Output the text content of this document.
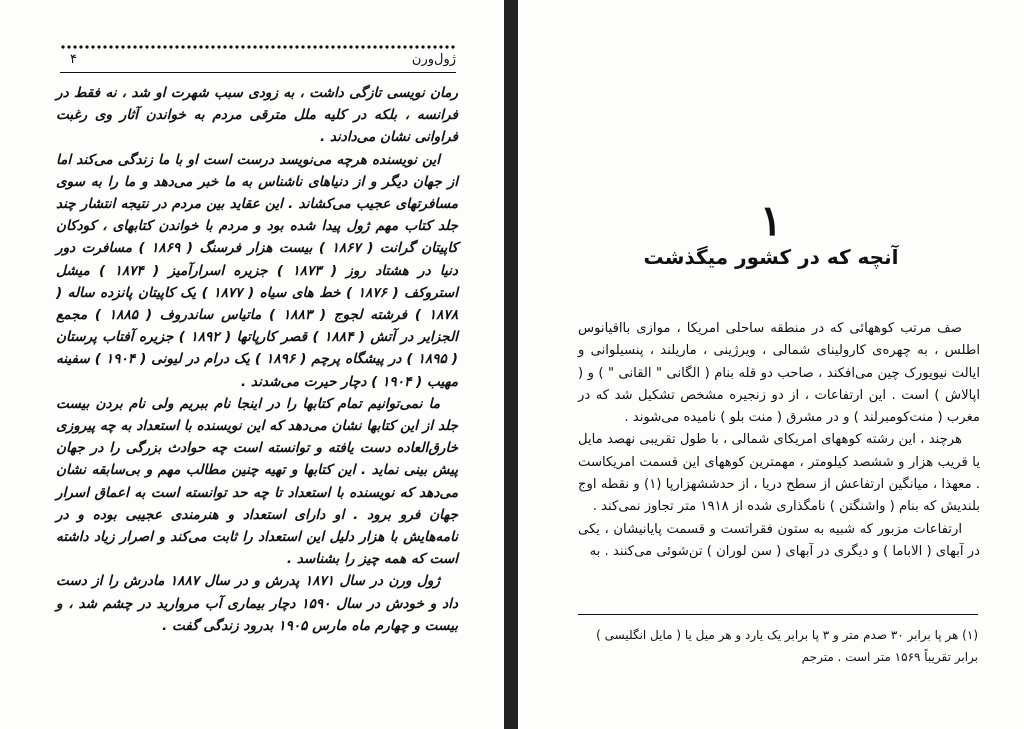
ژول‌ورن
۴

رمان نویسی تازگی داشت ، به زودی سبب شهرت او شد ، نه فقط در فرانسه ، بلکه در کلیه ملل مترقی مردم به خواندن آثار وی رغبت فراوانی نشان می‌دادند .

این نویسنده هرچه می‌نویسد درست است او با ما زندگی می‌کند اما از جهان دیگر و از دنیاهای ناشناس به ما خبر می‌دهد و ما را به سوی مسافرتهای عجیب می‌کشاند . این عقاید بین مردم در نتیجه انتشار چند جلد کتاب مهم ژول پیدا شده بود و مردم با خواندن کتابهای ، کودکان کاپیتان گرانت ( ۱۸۶۷ ) بیست هزار فرسنگ ( ۱۸۶۹ ) مسافرت دور دنیا در هشتاد روز ( ۱۸۷۳ ) جزیره اسرارآمیز ( ۱۸۷۴ ) میشل استروکف ( ۱۸۷۶ ) خط های سیاه ( ۱۸۷۷ ) یک کاپیتان پانزده ساله ( ۱۸۷۸ ) فرشته لجوج ( ۱۸۸۳ ) ماتیاس ساندروف ( ۱۸۸۵ ) مجمع الجزایر در آتش ( ۱۸۸۴ ) قصر کارپاتها ( ۱۸۹۲ ) جزیره آفتاب پرستان ( ۱۸۹۵ ) در پیشگاه پرچم ( ۱۸۹۶ ) یک درام در لیونی ( ۱۹۰۴ ) سفینه مهیب ( ۱۹۰۴ ) دچار حیرت می‌شدند .

ما نمی‌توانیم تمام کتابها را در اینجا نام ببریم ولی نام بردن بیست جلد از این کتابها نشان می‌دهد که این نویسنده با استعداد به چه پیروزی خارق‌العاده دست یافته و توانسته است چه حوادث بزرگی را در جهان پیش بینی نماید . این کتابها و تهیه چنین مطالب مهم و بی‌سابقه نشان می‌دهد که نویسنده با استعداد تا چه حد توانسته است به اعماق اسرار جهان فرو برود . او دارای استعداد و هنرمندی عجیبی بوده و در نامه‌هایش با هزار دلیل این استعداد را ثابت می‌کند و اصرار زیاد داشته است که همه چیز را بشناسد .

ژول ورن در سال ۱۸۷۱ پدرش و در سال ۱۸۸۷ مادرش را از دست داد و خودش در سال ۱۵۹۰ دچار بیماری آب مروارید در چشم شد ، و بیست و چهارم ماه مارس ۱۹۰۵ بدرود زندگی گفت .

۱
آنچه که در کشور میگذشت

صف مرتب کوههائی که در منطقه ساحلی امریکا ، موازی بااقیانوس اطلس ، به چهره‌ی کارولینای شمالی ، ویرژینی ، ماریلند ، پنسیلوانی و ایالت نیویورک چین می‌افکند ، صاحب دو قله بنام ( الگانی " القانی " ) و ( اپالاش ) است . این ارتفاعات ، از دو زنجیره مشخص تشکیل شد که در مغرب ( منت‌کومبرلند ) و در مشرق ( منت بلو ) نامیده می‌شوند .

هرچند ، این رشته کوههای امریکای شمالی ، با طول تقریبی نهصد مایل یا قریب هزار و ششصد کیلومتر ، مهمترین کوههای این قسمت امریکاست . معهذا ، میانگین ارتفاعش از سطح دریا ، از حدششهزارپا (۱) و نقطه اوج بلندیش که بنام ( واشنگتن ) نامگذاری شده از ۱۹۱۸ متر تجاوز نمی‌کند .

ارتفاعات مزبور که شبیه به ستون فقراتست و قسمت پایانیشان ، یکی در آبهای ( الاباما ) و دیگری در آبهای ( سن لوران ) تن‌شوئی می‌کنند . به

(۱) هر پا برابر ۳۰ صدم متر و ۳ پا برابر یک یارد و هر میل یا ( مایل انگلیسی ) برابر تقریباً ۱۵۶۹ متر است . مترجم
